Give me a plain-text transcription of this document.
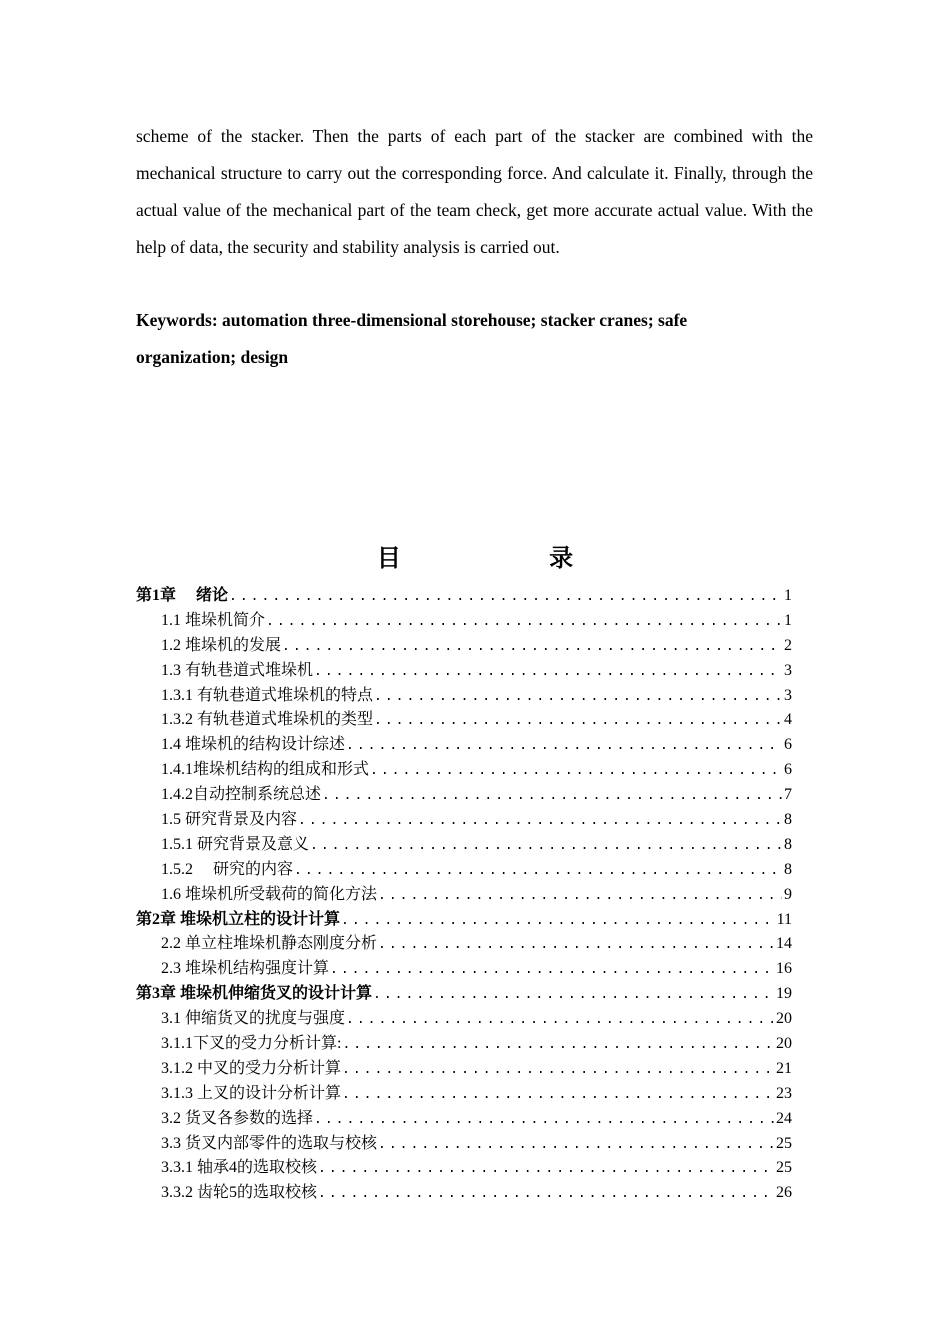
scheme of the stacker. Then the parts of each part of the stacker are combined with the mechanical structure to carry out the corresponding force. And calculate it. Finally, through the actual value of the mechanical part of the team check, get more accurate actual value. With the help of data, the security and stability analysis is carried out.
Keywords: automation three-dimensional storehouse; stacker cranes; safe
organization; design
目 录
第1章 　绪论 .....	1
1.1 堆垛机简介 .....	1
1.2 堆垛机的发展 .....	2
1.3 有轨巷道式堆垛机 .....	3
1.3.1 有轨巷道式堆垛机的特点 .....	3
1.3.2 有轨巷道式堆垛机的类型 .....	4
1.4 堆垛机的结构设计综述 .....	6
1.4.1堆垛机结构的组成和形式 .....	6
1.4.2自动控制系统总述 .....	7
1.5 研究背景及内容 .....	8
1.5.1 研究背景及意义 .....	8
1.5.2 　研究的内容 .....	8
1.6 堆垛机所受载荷的简化方法 .....	9
第2章 堆垛机立柱的设计计算 .....	11
2.2 单立柱堆垛机静态刚度分析 .....	14
2.3 堆垛机结构强度计算 .....	16
第3章 堆垛机伸缩货叉的设计计算 .....	19
3.1 伸缩货叉的扰度与强度 .....	20
3.1.1下叉的受力分析计算: .....	20
3.1.2 中叉的受力分析计算 .....	21
3.1.3 上叉的设计分析计算 .....	23
3.2 货叉各参数的选择 .....	24
3.3 货叉内部零件的选取与校核 .....	25
3.3.1 轴承4的选取校核 .....	25
3.3.2 齿轮5的选取校核 .....	26
